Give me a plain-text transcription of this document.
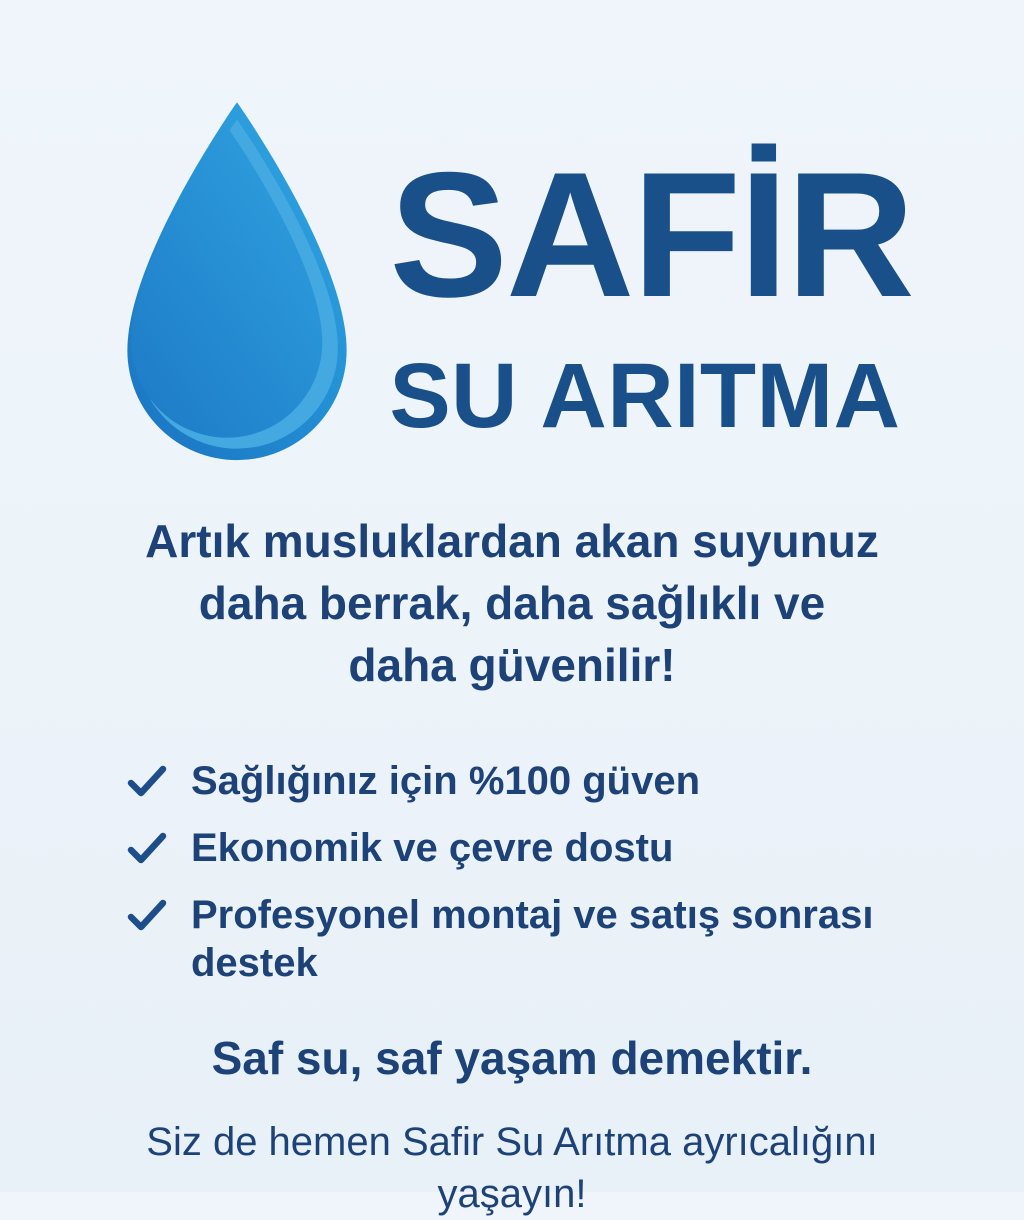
SAFİR
SU ARITMA
Artık musluklardan akan suyunuz
daha berrak, daha sağlıklı ve
daha güvenilir!
Sağlığınız için %100 güven
Ekonomik ve çevre dostu
Profesyonel montaj ve satış sonrası
destek

Saf su, saf yaşam demektir.

Siz de hemen Safir Su Arıtma ayrıcalığını
yaşayın!
